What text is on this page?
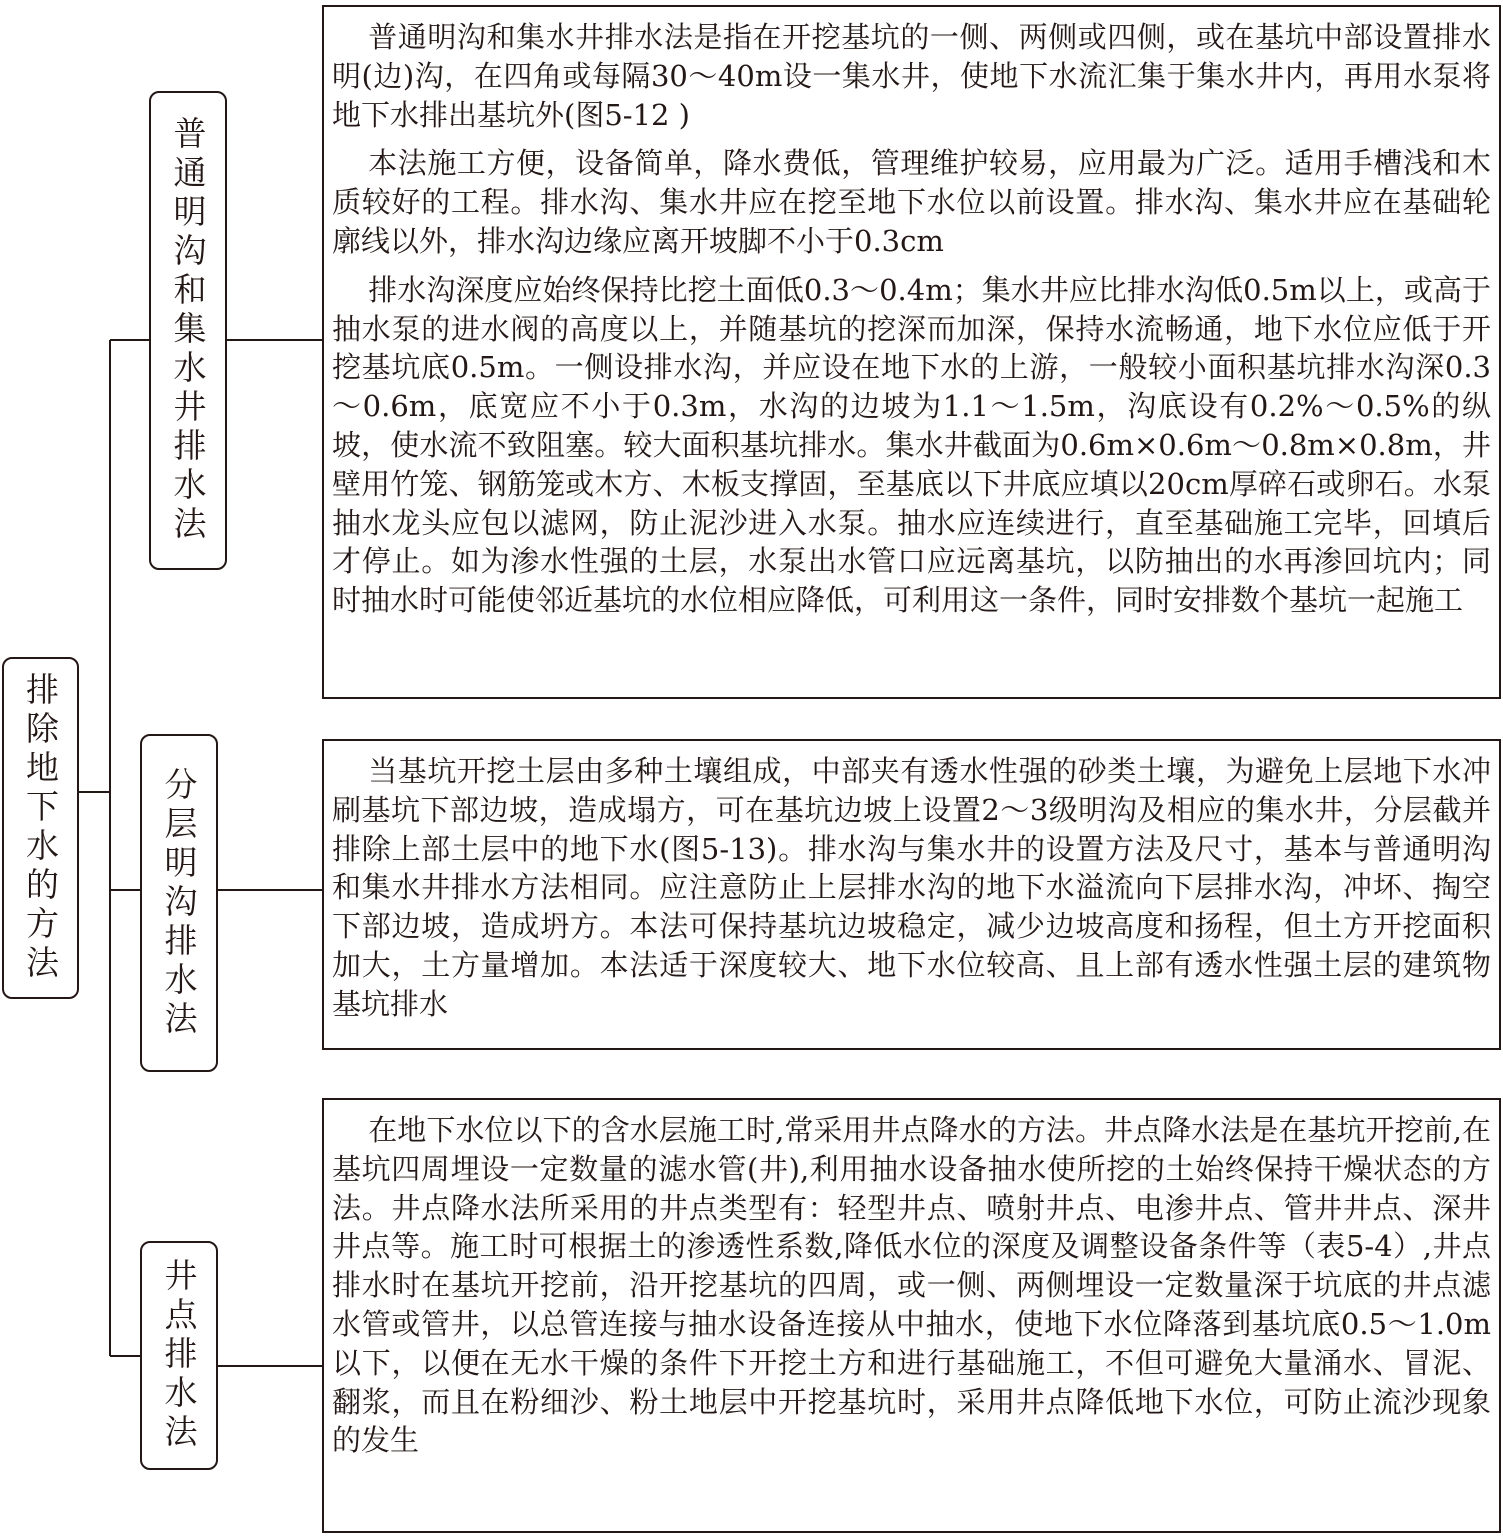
排除地下水的方法
普通明沟和集水井排水法
分层明沟排水法
井点排水法

普通明沟和集水井排水法是指在开挖基坑的一侧、两侧或四侧，或在基坑中部设置排水明(边)沟，在四角或每隔30～40m设一集水井，使地下水流汇集于集水井内，再用水泵将地下水排出基坑外(图5-12 )

本法施工方便，设备简单，降水费低，管理维护较易，应用最为广泛。适用手槽浅和木质较好的工程。排水沟、集水井应在挖至地下水位以前设置。排水沟、集水井应在基础轮廓线以外，排水沟边缘应离开坡脚不小于0.3cm

排水沟深度应始终保持比挖土面低0.3～0.4m；集水井应比排水沟低0.5m以上，或高于抽水泵的进水阀的高度以上，并随基坑的挖深而加深，保持水流畅通，地下水位应低于开挖基坑底0.5m。一侧设排水沟，并应设在地下水的上游，一般较小面积基坑排水沟深0.3～0.6m，底宽应不小于0.3m，水沟的边坡为1.1～1.5m，沟底设有0.2%～0.5%的纵坡，使水流不致阻塞。较大面积基坑排水。集水井截面为0.6m×0.6m～0.8m×0.8m，井壁用竹笼、钢筋笼或木方、木板支撑固，至基底以下井底应填以20cm厚碎石或卵石。水泵抽水龙头应包以滤网，防止泥沙进入水泵。抽水应连续进行，直至基础施工完毕，回填后才停止。如为渗水性强的土层，水泵出水管口应远离基坑，以防抽出的水再渗回坑内；同时抽水时可能使邻近基坑的水位相应降低，可利用这一条件，同时安排数个基坑一起施工

当基坑开挖土层由多种土壤组成，中部夹有透水性强的砂类土壤，为避免上层地下水冲刷基坑下部边坡，造成塌方，可在基坑边坡上设置2～3级明沟及相应的集水井，分层截并排除上部土层中的地下水(图5-13)。排水沟与集水井的设置方法及尺寸，基本与普通明沟和集水井排水方法相同。应注意防止上层排水沟的地下水溢流向下层排水沟，冲坏、掏空下部边坡，造成坍方。本法可保持基坑边坡稳定，减少边坡高度和扬程，但土方开挖面积加大，土方量增加。本法适于深度较大、地下水位较高、且上部有透水性强土层的建筑物基坑排水

在地下水位以下的含水层施工时,常采用井点降水的方法。井点降水法是在基坑开挖前,在基坑四周埋设一定数量的滤水管(井),利用抽水设备抽水使所挖的土始终保持干燥状态的方法。井点降水法所采用的井点类型有：轻型井点、喷射井点、电渗井点、管井井点、深井井点等。施工时可根据土的渗透性系数,降低水位的深度及调整设备条件等（表5-4）,井点排水时在基坑开挖前，沿开挖基坑的四周，或一侧、两侧埋设一定数量深于坑底的井点滤水管或管井，以总管连接与抽水设备连接从中抽水，使地下水位降落到基坑底0.5～1.0m以下，以便在无水干燥的条件下开挖土方和进行基础施工，不但可避免大量涌水、冒泥、翻浆，而且在粉细沙、粉土地层中开挖基坑时，采用井点降低地下水位，可防止流沙现象的发生
